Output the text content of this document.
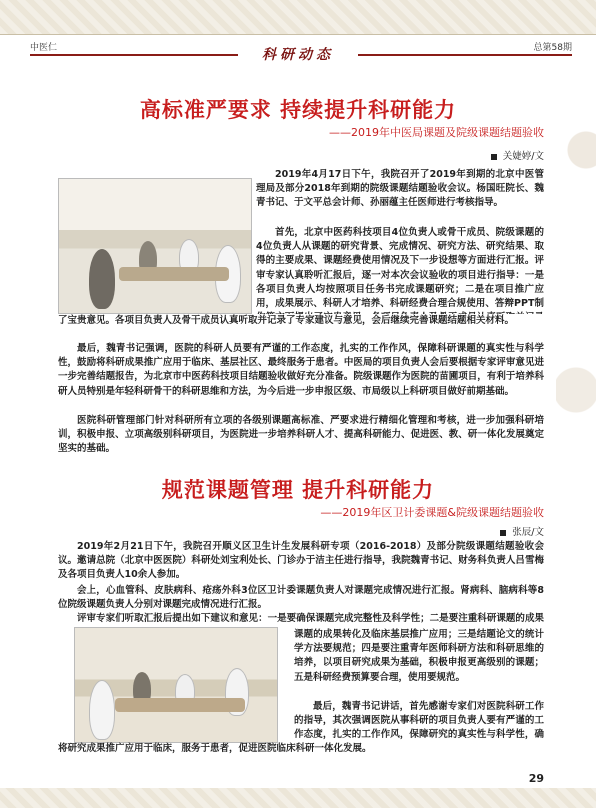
中医仁	总第58期
科研动态
高标准严要求 持续提升科研能力
——2019年中医局课题及院级课题结题验收
关婕婷/文

2019年4月17日下午，我院召开了2019年到期的北京中医管理局及部分2018年到期的院级课题结题验收会议。杨国旺院长、魏青书记、于文平总会计师、孙丽蕴主任医师进行考核指导。

首先，北京中医药科技项目4位负责人或骨干成员、院级课题的4位负责人从课题的研究背景、完成情况、研究方法、研究结果、取得的主要成果、课题经费使用情况及下一步设想等方面进行汇报。评审专家认真聆听汇报后，逐一对本次会议验收的项目进行指导：一是各项目负责人均按照项目任务书完成课题研究；二是在项目推广应用，成果展示、科研人才培养、科研经费合理合规使用、答辩PPT制

了宝贵意见。各项目负责人及骨干成员认真听取并记录了专家建议与意见，会后继续完善课题结题相关材料。

最后，魏青书记强调，医院的科研人员要有严谨的工作态度，扎实的工作作风，保障科研课题的真实性与科学性，鼓励将科研成果推广应用于临床、基层社区、最终服务于患者。中医局的项目负责人会后要根据专家评审意见进一步完善结题报告，为北京市中医药科技项目结题验收做好充分准备。院级课题作为医院的苗圃项目，有利于培养科研人员特别是年轻科研骨干的科研思维和方法，为今后进一步申报区级、市局级以上科研项目做好前期基础。

医院科研管理部门针对科研所有立项的各级别课题高标准、严要求进行精细化管理和考核，进一步加强科研培训，积极申报、立项高级别科研项目，为医院进一步培养科研人才、提高科研能力、促进医、教、研一体化发展奠定坚实的基础。

规范课题管理 提升科研能力
——2019年区卫计委课题&院级课题结题验收
张辰/文

2019年2月21日下午，我院召开顺义区卫生计生发展科研专项（2016-2018）及部分院级课题结题验收会议。邀请总院（北京中医医院）科研处刘宝利处长、门诊办于洁主任进行指导，我院魏青书记、财务科负责人吕雪梅及各项目负责人10余人参加。

会上，心血管科、皮肤病科、疮疡外科3位区卫计委课题负责人对课题完成情况进行汇报。肾病科、脑病科等8位院级课题负责人分别对课题完成情况进行汇报。

评审专家们听取汇报后提出如下建议和意见：一是要确保课题完成完整性及科学性；二是要注重科研课题的成果

课题的成果转化及临床基层推广应用；三是结题论文的统计学方法要规范；四是要注重青年医师科研方法和科研思维的培养，以项目研究成果为基础，积极申报更高级别的课题；五是科研经费预算要合理，使用要规范。

最后，魏青书记讲话，首先感谢专家们对医院科研工作的指导，其次强调医院从事科研的项目负责人要有严谨的工作态度，扎实的工作作风，保障研究的真实性与科学性，确

将研究成果推广应用于临床，服务于患者，促进医院临床科研一体化发展。

29
